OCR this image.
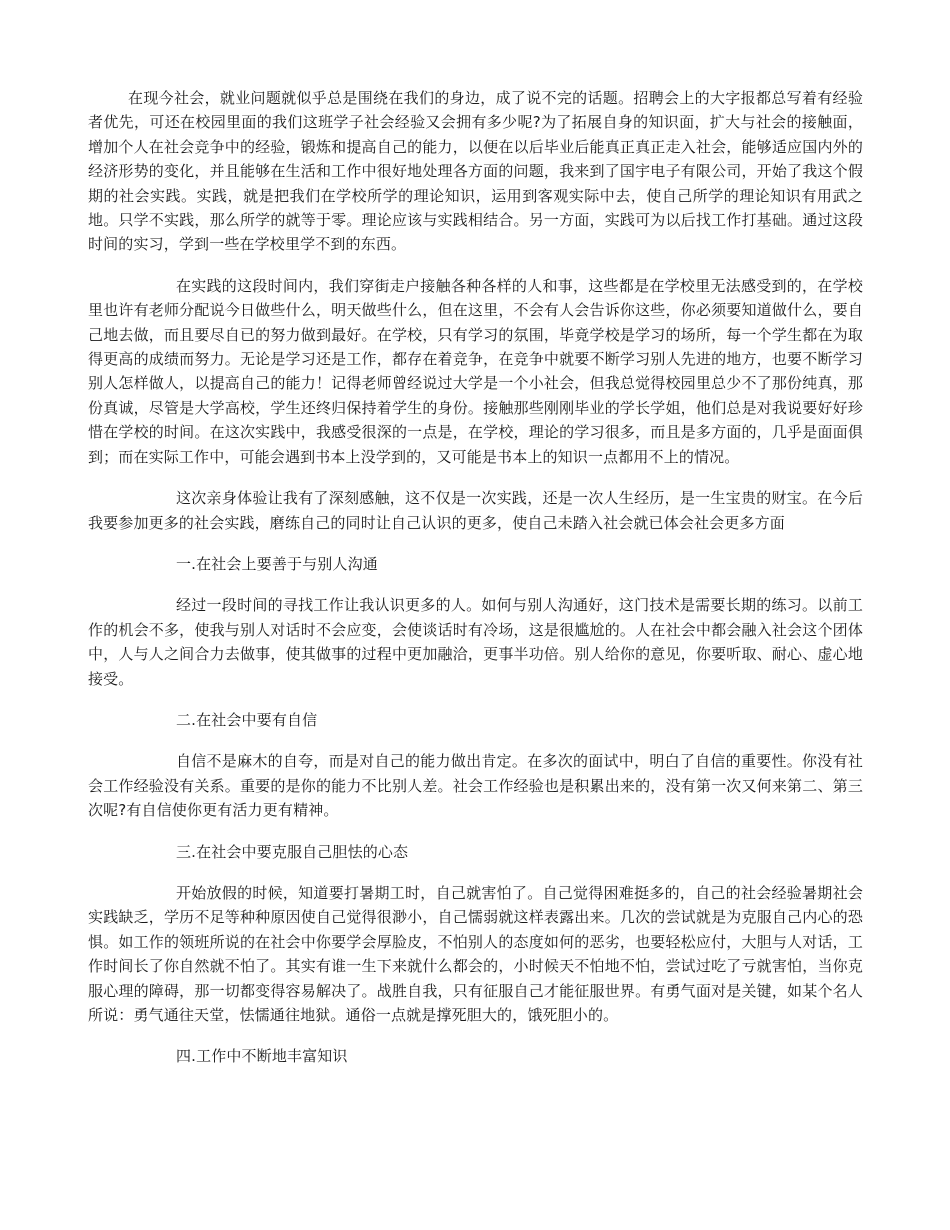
在现今社会，就业问题就似乎总是围绕在我们的身边，成了说不完的话题。招聘会上的大字报都总写着有经验者优先，可还在校园里面的我们这班学子社会经验又会拥有多少呢?为了拓展自身的知识面，扩大与社会的接触面，增加个人在社会竞争中的经验，锻炼和提高自己的能力，以便在以后毕业后能真正真正走入社会，能够适应国内外的经济形势的变化，并且能够在生活和工作中很好地处理各方面的问题，我来到了国宇电子有限公司，开始了我这个假期的社会实践。实践，就是把我们在学校所学的理论知识，运用到客观实际中去，使自己所学的理论知识有用武之地。只学不实践，那么所学的就等于零。理论应该与实践相结合。另一方面，实践可为以后找工作打基础。通过这段时间的实习，学到一些在学校里学不到的东西。

在实践的这段时间内，我们穿街走户接触各种各样的人和事，这些都是在学校里无法感受到的，在学校里也许有老师分配说今日做些什么，明天做些什么，但在这里，不会有人会告诉你这些，你必须要知道做什么，要自己地去做，而且要尽自已的努力做到最好。在学校，只有学习的氛围，毕竟学校是学习的场所，每一个学生都在为取得更高的成绩而努力。无论是学习还是工作，都存在着竞争，在竞争中就要不断学习别人先进的地方，也要不断学习别人怎样做人，以提高自己的能力！记得老师曾经说过大学是一个小社会，但我总觉得校园里总少不了那份纯真，那份真诚，尽管是大学高校，学生还终归保持着学生的身份。接触那些刚刚毕业的学长学姐，他们总是对我说要好好珍惜在学校的时间。在这次实践中，我感受很深的一点是，在学校，理论的学习很多，而且是多方面的，几乎是面面俱到；而在实际工作中，可能会遇到书本上没学到的，又可能是书本上的知识一点都用不上的情况。

这次亲身体验让我有了深刻感触，这不仅是一次实践，还是一次人生经历，是一生宝贵的财宝。在今后我要参加更多的社会实践，磨练自己的同时让自己认识的更多，使自己未踏入社会就已体会社会更多方面

一.在社会上要善于与别人沟通

经过一段时间的寻找工作让我认识更多的人。如何与别人沟通好，这门技术是需要长期的练习。以前工作的机会不多，使我与别人对话时不会应变，会使谈话时有冷场，这是很尴尬的。人在社会中都会融入社会这个团体中，人与人之间合力去做事，使其做事的过程中更加融洽，更事半功倍。别人给你的意见，你要听取、耐心、虚心地接受。

二.在社会中要有自信

自信不是麻木的自夸，而是对自己的能力做出肯定。在多次的面试中，明白了自信的重要性。你没有社会工作经验没有关系。重要的是你的能力不比别人差。社会工作经验也是积累出来的，没有第一次又何来第二、第三次呢?有自信使你更有活力更有精神。

三.在社会中要克服自己胆怯的心态

开始放假的时候，知道要打暑期工时，自己就害怕了。自己觉得困难挺多的，自己的社会经验暑期社会实践缺乏，学历不足等种种原因使自己觉得很渺小，自己懦弱就这样表露出来。几次的尝试就是为克服自己内心的恐惧。如工作的领班所说的在社会中你要学会厚脸皮，不怕别人的态度如何的恶劣，也要轻松应付，大胆与人对话，工作时间长了你自然就不怕了。其实有谁一生下来就什么都会的，小时候天不怕地不怕，尝试过吃了亏就害怕，当你克服心理的障碍，那一切都变得容易解决了。战胜自我，只有征服自己才能征服世界。有勇气面对是关键，如某个名人所说：勇气通往天堂，怯懦通往地狱。通俗一点就是撑死胆大的，饿死胆小的。

四.工作中不断地丰富知识
